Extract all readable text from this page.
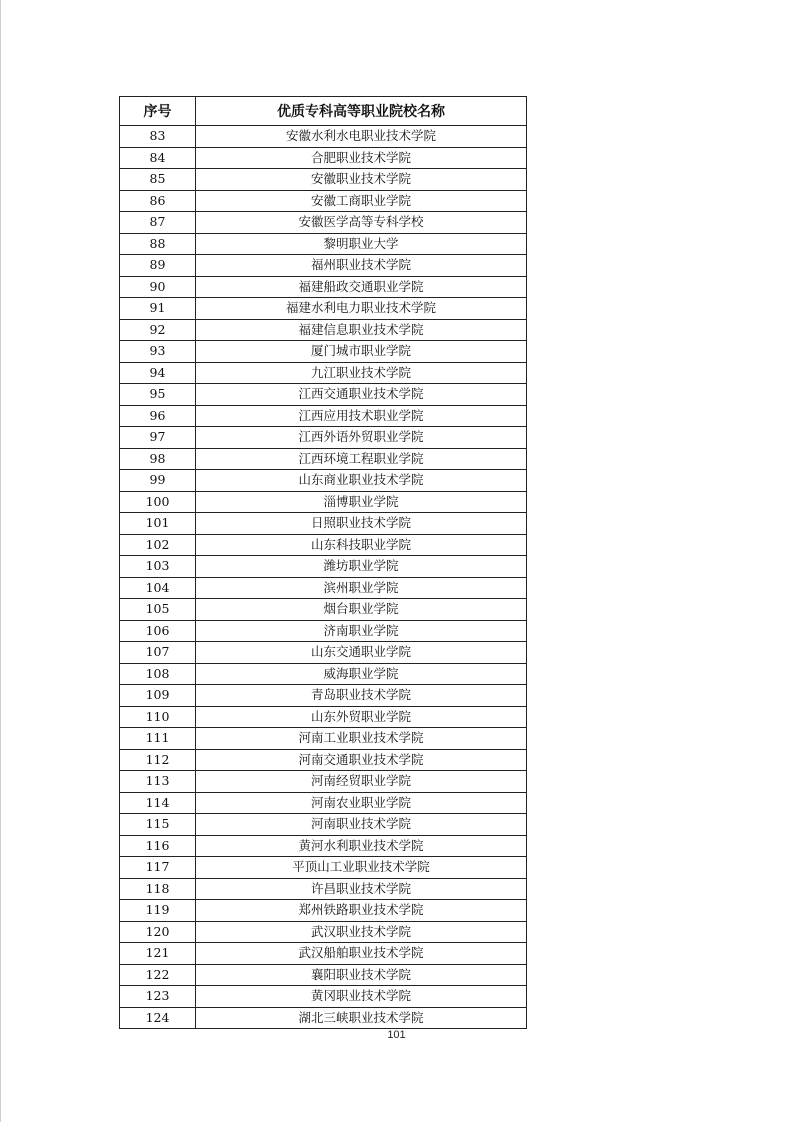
序号	优质专科高等职业院校名称
83	安徽水利水电职业技术学院
84	合肥职业技术学院
85	安徽职业技术学院
86	安徽工商职业学院
87	安徽医学高等专科学校
88	黎明职业大学
89	福州职业技术学院
90	福建船政交通职业学院
91	福建水利电力职业技术学院
92	福建信息职业技术学院
93	厦门城市职业学院
94	九江职业技术学院
95	江西交通职业技术学院
96	江西应用技术职业学院
97	江西外语外贸职业学院
98	江西环境工程职业学院
99	山东商业职业技术学院
100	淄博职业学院
101	日照职业技术学院
102	山东科技职业学院
103	潍坊职业学院
104	滨州职业学院
105	烟台职业学院
106	济南职业学院
107	山东交通职业学院
108	威海职业学院
109	青岛职业技术学院
110	山东外贸职业学院
111	河南工业职业技术学院
112	河南交通职业技术学院
113	河南经贸职业学院
114	河南农业职业学院
115	河南职业技术学院
116	黄河水利职业技术学院
117	平顶山工业职业技术学院
118	许昌职业技术学院
119	郑州铁路职业技术学院
120	武汉职业技术学院
121	武汉船舶职业技术学院
122	襄阳职业技术学院
123	黄冈职业技术学院
124	湖北三峡职业技术学院
101
